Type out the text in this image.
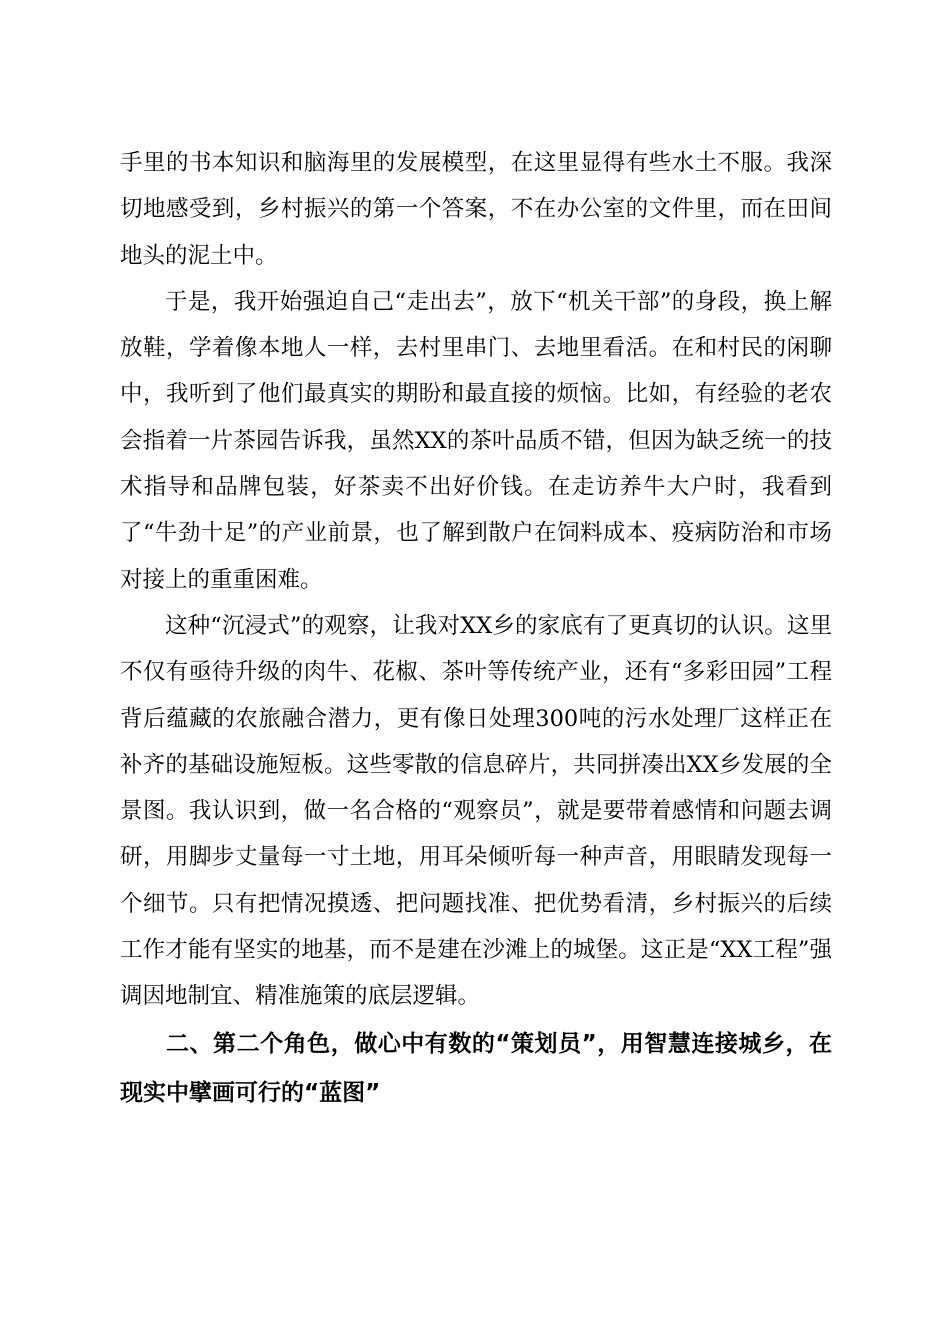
手里的书本知识和脑海里的发展模型，在这里显得有些水土不服。我深切地感受到，乡村振兴的第一个答案，不在办公室的文件里，而在田间地头的泥土中。

于是，我开始强迫自己“走出去”，放下“机关干部”的身段，换上解放鞋，学着像本地人一样，去村里串门、去地里看活。在和村民的闲聊中，我听到了他们最真实的期盼和最直接的烦恼。比如，有经验的老农会指着一片茶园告诉我，虽然XX的茶叶品质不错，但因为缺乏统一的技术指导和品牌包装，好茶卖不出好价钱。在走访养牛大户时，我看到了“牛劲十足”的产业前景，也了解到散户在饲料成本、疫病防治和市场对接上的重重困难。

这种“沉浸式”的观察，让我对XX乡的家底有了更真切的认识。这里不仅有亟待升级的肉牛、花椒、茶叶等传统产业，还有“多彩田园”工程背后蕴藏的农旅融合潜力，更有像日处理300吨的污水处理厂这样正在补齐的基础设施短板。这些零散的信息碎片，共同拼凑出XX乡发展的全景图。我认识到，做一名合格的“观察员”，就是要带着感情和问题去调研，用脚步丈量每一寸土地，用耳朵倾听每一种声音，用眼睛发现每一个细节。只有把情况摸透、把问题找准、把优势看清，乡村振兴的后续工作才能有坚实的地基，而不是建在沙滩上的城堡。这正是“XX工程”强调因地制宜、精准施策的底层逻辑。

二、第二个角色，做心中有数的“策划员”，用智慧连接城乡，在现实中擘画可行的“蓝图”
